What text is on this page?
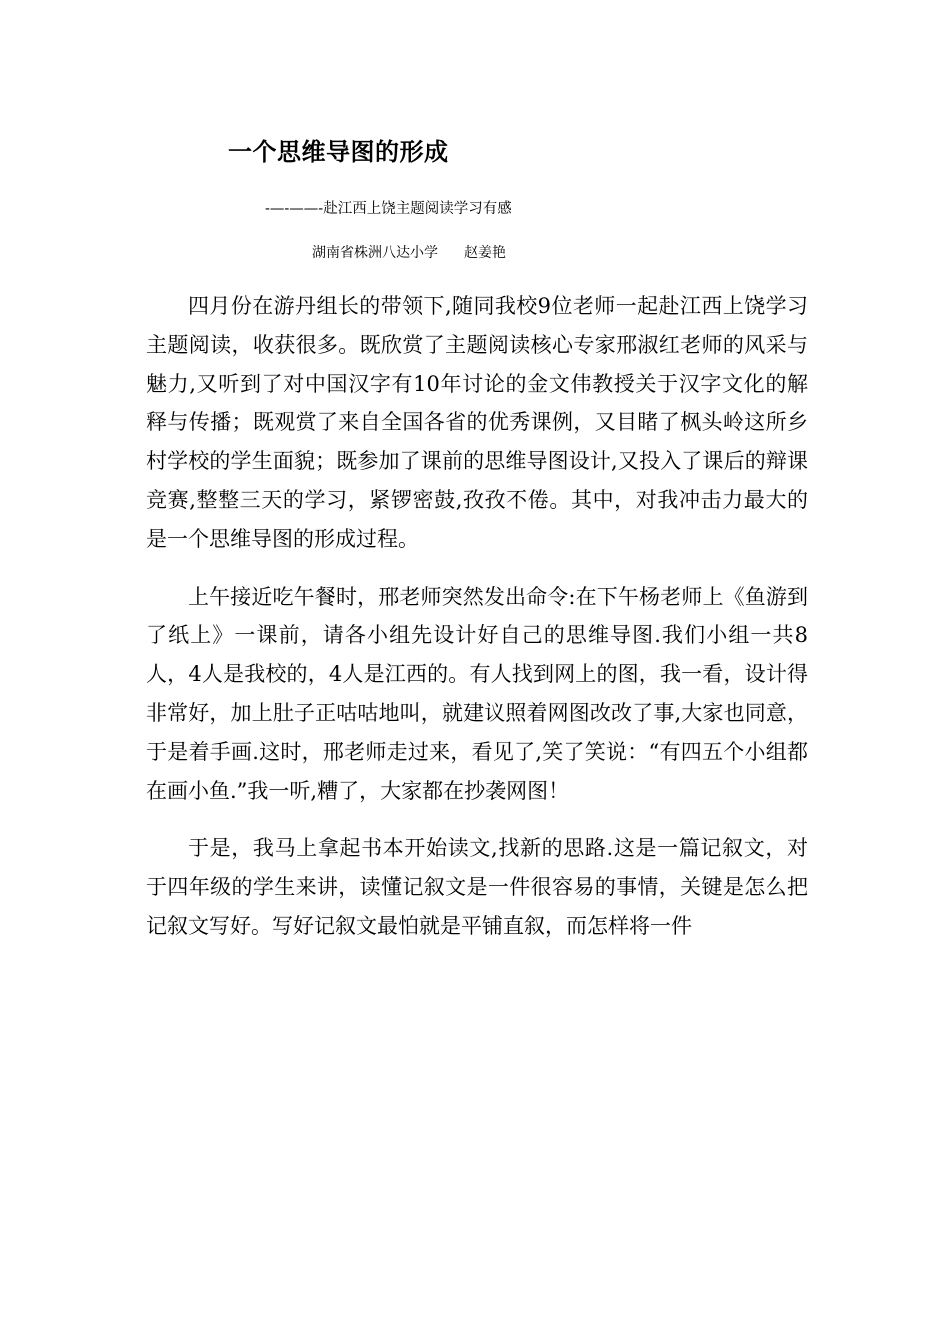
一个思维导图的形成
-—-——-赴江西上饶主题阅读学习有感
湖南省株洲八达小学 赵姜艳

四月份在游丹组长的带领下,随同我校9位老师一起赴江西上饶学习主题阅读，收获很多。既欣赏了主题阅读核心专家邢淑红老师的风采与魅力,又听到了对中国汉字有10年讨论的金文伟教授关于汉字文化的解释与传播；既观赏了来自全国各省的优秀课例，又目睹了枫头岭这所乡村学校的学生面貌；既参加了课前的思维导图设计,又投入了课后的辩课竞赛,整整三天的学习，紧锣密鼓,孜孜不倦。其中，对我冲击力最大的是一个思维导图的形成过程。

上午接近吃午餐时，邢老师突然发出命令:在下午杨老师上《鱼游到了纸上》一课前，请各小组先设计好自己的思维导图.我们小组一共8人，4人是我校的，4人是江西的。有人找到网上的图，我一看，设计得非常好，加上肚子正咕咕地叫，就建议照着网图改改了事,大家也同意，于是着手画.这时，邢老师走过来，看见了,笑了笑说：“有四五个小组都在画小鱼.”我一听,糟了，大家都在抄袭网图！

于是，我马上拿起书本开始读文,找新的思路.这是一篇记叙文，对于四年级的学生来讲，读懂记叙文是一件很容易的事情，关键是怎么把记叙文写好。写好记叙文最怕就是平铺直叙，而怎样将一件
